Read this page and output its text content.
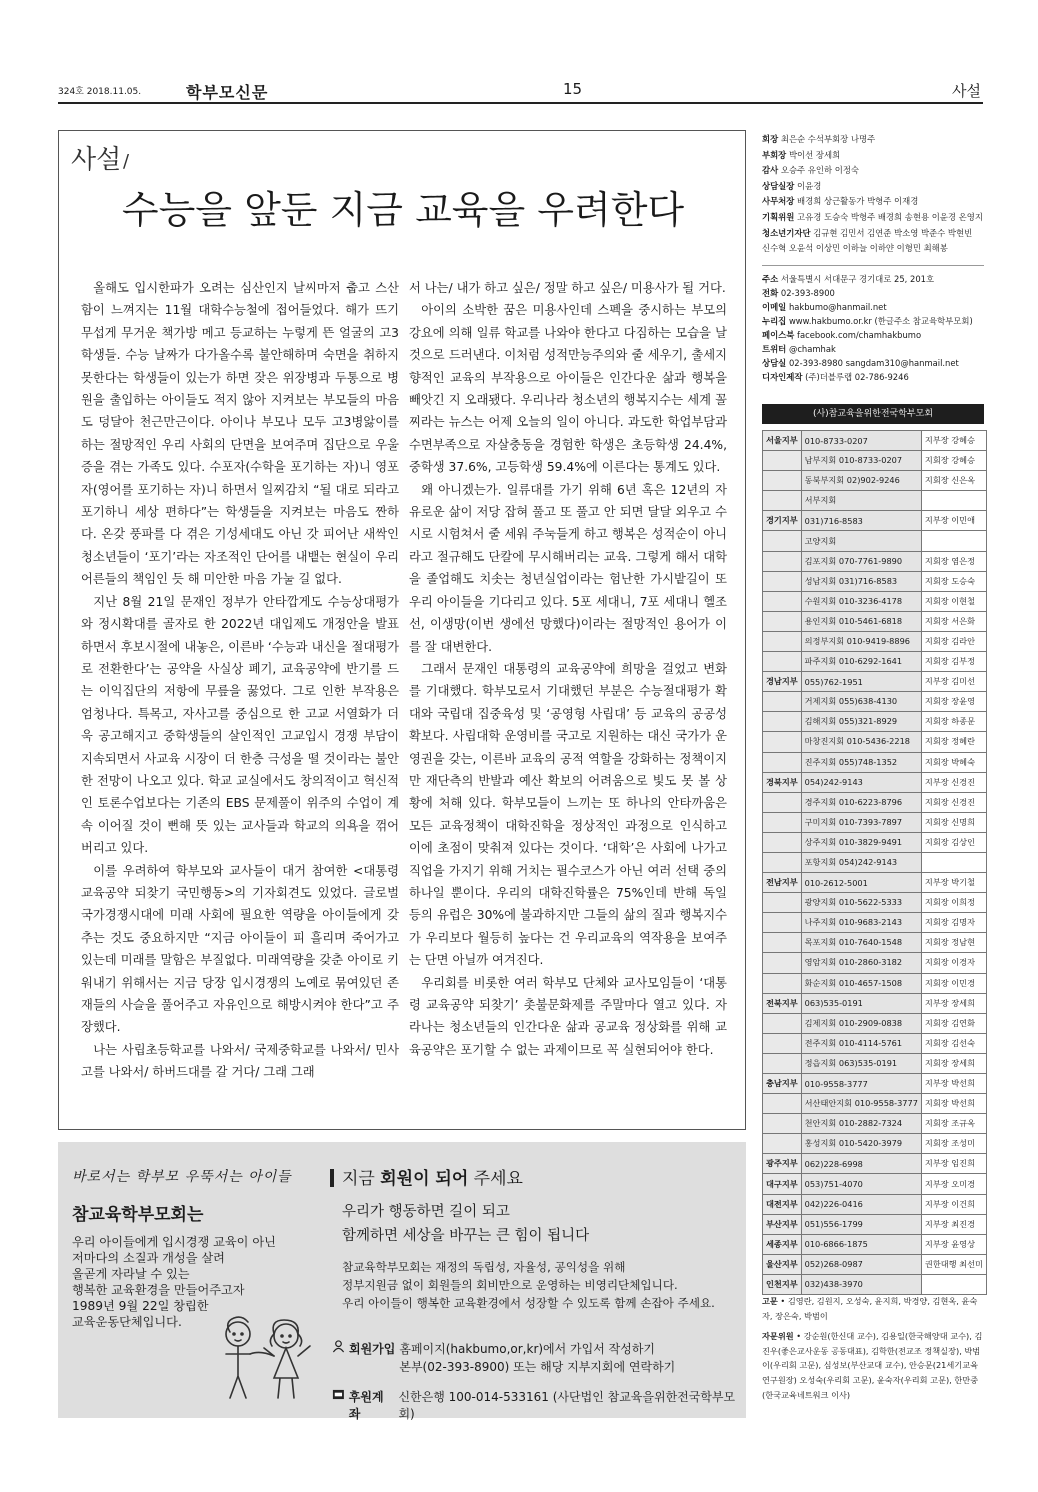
324호 2018.11.05.	학부모신문	15	사설
사설 /
수능을 앞둔 지금 교육을 우려한다

올해도 입시한파가 오려는 심산인지 날씨마저 춥고 스산함이 느껴지는 11월 대학수능철에 접어들었다. 해가 뜨기 무섭게 무거운 책가방 메고 등교하는 누렇게 뜬 얼굴의 고3학생들. 수능 날짜가 다가올수록 불안해하며 숙면을 취하지 못한다는 학생들이 있는가 하면 잦은 위장병과 두통으로 병원을 출입하는 아이들도 적지 않아 지켜보는 부모들의 마음도 덩달아 천근만근이다. 아이나 부모나 모두 고3병앓이를 하는 절망적인 우리 사회의 단면을 보여주며 집단으로 우울증을 겪는 가족도 있다. 수포자(수학을 포기하는 자)니 영포자(영어를 포기하는 자)니 하면서 일찌감치 “될 대로 되라고 포기하니 세상 편하다”는 학생들을 지켜보는 마음도 짠하다. 온갖 풍파를 다 겪은 기성세대도 아닌 갓 피어난 새싹인 청소년들이 ‘포기’라는 자조적인 단어를 내뱉는 현실이 우리 어른들의 책임인 듯 해 미안한 마음 가눌 길 없다.

지난 8월 21일 문재인 정부가 안타깝게도 수능상대평가와 정시확대를 골자로 한 2022년 대입제도 개정안을 발표하면서 후보시절에 내놓은, 이른바 ‘수능과 내신을 절대평가로 전환한다’는 공약을 사실상 폐기, 교육공약에 반기를 드는 이익집단의 저항에 무릎을 꿇었다. 그로 인한 부작용은 엄청나다. 특목고, 자사고를 중심으로 한 고교 서열화가 더욱 공고해지고 중학생들의 살인적인 고교입시 경쟁 부담이 지속되면서 사교육 시장이 더 한층 극성을 떨 것이라는 불안한 전망이 나오고 있다. 학교 교실에서도 창의적이고 혁신적인 토론수업보다는 기존의 EBS 문제풀이 위주의 수업이 계속 이어질 것이 뻔해 뜻 있는 교사들과 학교의 의욕을 꺾어버리고 있다.

이를 우려하여 학부모와 교사들이 대거 참여한 <대통령 교육공약 되찾기 국민행동>의 기자회견도 있었다. 글로벌 국가경쟁시대에 미래 사회에 필요한 역량을 아이들에게 갖추는 것도 중요하지만 “지금 아이들이 피 흘리며 죽어가고 있는데 미래를 말함은 부질없다. 미래역량을 갖춘 아이로 키워내기 위해서는 지금 당장 입시경쟁의 노예로 묶여있던 존재들의 사슬을 풀어주고 자유인으로 해방시켜야 한다”고 주장했다.

나는 사립초등학교를 나와서/ 국제중학교를 나와서/ 민사고를 나와서/ 하버드대를 갈 거다/ 그래 그래

서 나는/ 내가 하고 싶은/ 정말 하고 싶은/ 미용사가 될 거다.

아이의 소박한 꿈은 미용사인데 스펙을 중시하는 부모의 강요에 의해 일류 학교를 나와야 한다고 다짐하는 모습을 날것으로 드러낸다. 이처럼 성적만능주의와 줄 세우기, 출세지향적인 교육의 부작용으로 아이들은 인간다운 삶과 행복을 빼앗긴 지 오래됐다. 우리나라 청소년의 행복지수는 세계 꼴찌라는 뉴스는 어제 오늘의 일이 아니다. 과도한 학업부담과 수면부족으로 자살충동을 경험한 학생은 초등학생 24.4%, 중학생 37.6%, 고등학생 59.4%에 이른다는 통계도 있다.

왜 아니겠는가. 일류대를 가기 위해 6년 혹은 12년의 자유로운 삶이 저당 잡혀 풀고 또 풀고 안 되면 달달 외우고 수시로 시험쳐서 줄 세워 주눅들게 하고 행복은 성적순이 아니라고 절규해도 단칼에 무시해버리는 교육. 그렇게 해서 대학을 졸업해도 치솟는 청년실업이라는 험난한 가시밭길이 또 우리 아이들을 기다리고 있다. 5포 세대니, 7포 세대니 헬조선, 이생망(이번 생에선 망했다)이라는 절망적인 용어가 이를 잘 대변한다.

그래서 문재인 대통령의 교육공약에 희망을 걸었고 변화를 기대했다. 학부모로서 기대했던 부분은 수능절대평가 확대와 국립대 집중육성 및 ‘공영형 사립대’ 등 교육의 공공성 확보다. 사립대학 운영비를 국고로 지원하는 대신 국가가 운영권을 갖는, 이른바 교육의 공적 역할을 강화하는 정책이지만 재단측의 반발과 예산 확보의 어려움으로 빛도 못 볼 상황에 처해 있다. 학부모들이 느끼는 또 하나의 안타까움은 모든 교육정책이 대학진학을 정상적인 과정으로 인식하고 이에 초점이 맞춰져 있다는 것이다. ‘대학’은 사회에 나가고 직업을 가지기 위해 거치는 필수코스가 아닌 여러 선택 중의 하나일 뿐이다. 우리의 대학진학률은 75%인데 반해 독일 등의 유럽은 30%에 불과하지만 그들의 삶의 질과 행복지수가 우리보다 월등히 높다는 건 우리교육의 역작용을 보여주는 단면 아닐까 여겨진다.

우리회를 비롯한 여러 학부모 단체와 교사모임들이 ‘대통령 교육공약 되찾기’ 촛불문화제를 주말마다 열고 있다. 자라나는 청소년들의 인간다운 삶과 공교육 정상화를 위해 교육공약은 포기할 수 없는 과제이므로 꼭 실현되어야 한다.

회장 최은순 수석부회장 나명주
부회장 박이선 장세희
감사 오승주 유인하 이정숙
상담실장 이윤경
사무처장 배경희 상근활동가 박형주 이재경
기획위원 고유경 도승숙 박형주 배경희 송현용 이윤경 온영지
청소년기자단 김규현 김민서 김연준 박소영 박준수 박현빈
신수혁 오윤석 이상민 이하늘 이하얀 이형민 최해봉
주소 서울특별시 서대문구 경기대로 25, 201호
전화 02-393-8900
이메일 hakbumo@hanmail.net
누리집 www.hakbumo.or.kr (한글주소 참교육학부모회)
페이스북 facebook.com/chamhakbumo
트위터 @chamhak
상담실 02-393-8980 sangdam310@hanmail.net
디자인제작 (주)더블루랩 02-786-9246
(사)참교육을위한전국학부모회
서울지부	010-8733-0207	지부장 강혜승
	남부지회 010-8733-0207	지회장 강혜승
	동북부지회 02)902-9246	지회장 신은옥
	서부지회	
경기지부	031)716-8583	지부장 이민애
	고양지회	
	김포지회 070-7761-9890	지회장 염은정
	성남지회 031)716-8583	지회장 도승숙
	수원지회 010-3236-4178	지회장 이현철
	용인지회 010-5461-6818	지회장 서은화
	의정부지회 010-9419-8896	지회장 김라안
	파주지회 010-6292-1641	지회장 김부정
경남지부	055)762-1951	지부장 김미선
	거제지회 055)638-4130	지회장 장윤영
	김해지회 055)321-8929	지회장 하종문
	마창진지회 010-5436-2218	지회장 정혜란
	진주지회 055)748-1352	지회장 박혜숙
경북지부	054)242-9143	지부장 신경진
	경주지회 010-6223-8796	지회장 신경진
	구미지회 010-7393-7897	지회장 신명희
	상주지회 010-3829-9491	지회장 김상인
	포항지회 054)242-9143	
전남지부	010-2612-5001	지부장 박기철
	광양지회 010-5622-5333	지회장 이희정
	나주지회 010-9683-2143	지회장 김명자
	목포지회 010-7640-1548	지회장 정남현
	영암지회 010-2860-3182	지회장 이경자
	화순지회 010-4657-1508	지회장 이민경
전북지부	063)535-0191	지부장 장세희
	김제지회 010-2909-0838	지회장 김연화
	전주지회 010-4114-5761	지회장 김선숙
	정읍지회 063)535-0191	지회장 장세희
충남지부	010-9558-3777	지부장 박선희
	서산태안지회 010-9558-3777	지회장 박선희
	천안지회 010-2882-7324	지회장 조규옥
	홍성지회 010-5420-3979	지회장 조성미
광주지부	062)228-6998	지부장 임진희
대구지부	053)751-4070	지부장 오미경
대전지부	042)226-0416	지부장 이건희
부산지부	051)556-1799	지부장 최진경
세종지부	010-6866-1875	지부장 윤영상
울산지부	052)268-0987	권한대행 최선미
인천지부	032)438-3970	

고문 • 김영란, 김원지, 오성숙, 윤지희, 박경양, 김현옥, 윤숙자, 장은숙, 박범이

자문위원 • 강순원(한신대 교수), 김용일(한국해양대 교수), 김진우(좋은교사운동 공동대표), 김학한(전교조 정책실장), 박범이(우리회 고문), 심성보(부산교대 교수), 안승문(21세기교육연구원장) 오성숙(우리회 고문), 윤숙자(우리회 고문), 한만중(한국교육네트워크 이사)

바로서는 학부모 우뚝서는 아이들
참교육학부모회는
우리 아이들에게 입시경쟁 교육이 아닌
저마다의 소질과 개성을 살려
올곧게 자라날 수 있는
행복한 교육환경을 만들어주고자
1989년 9월 22일 창립한
교육운동단체입니다.
지금 회원이 되어 주세요
우리가 행동하면 길이 되고
함께하면 세상을 바꾸는 큰 힘이 됩니다
참교육학부모회는 재정의 독립성, 자율성, 공익성을 위해
정부지원금 없이 회원들의 회비만으로 운영하는 비영리단체입니다.
우리 아이들이 행복한 교육환경에서 성장할 수 있도록 함께 손잡아 주세요.
회원가입 홈페이지(hakbumo,or,kr)에서 가입서 작성하기
본부(02-393-8900) 또는 해당 지부지회에 연락하기
후원계좌
신한은행 100-014-533161 (사단법인 참교육을위한전국학부모회)
